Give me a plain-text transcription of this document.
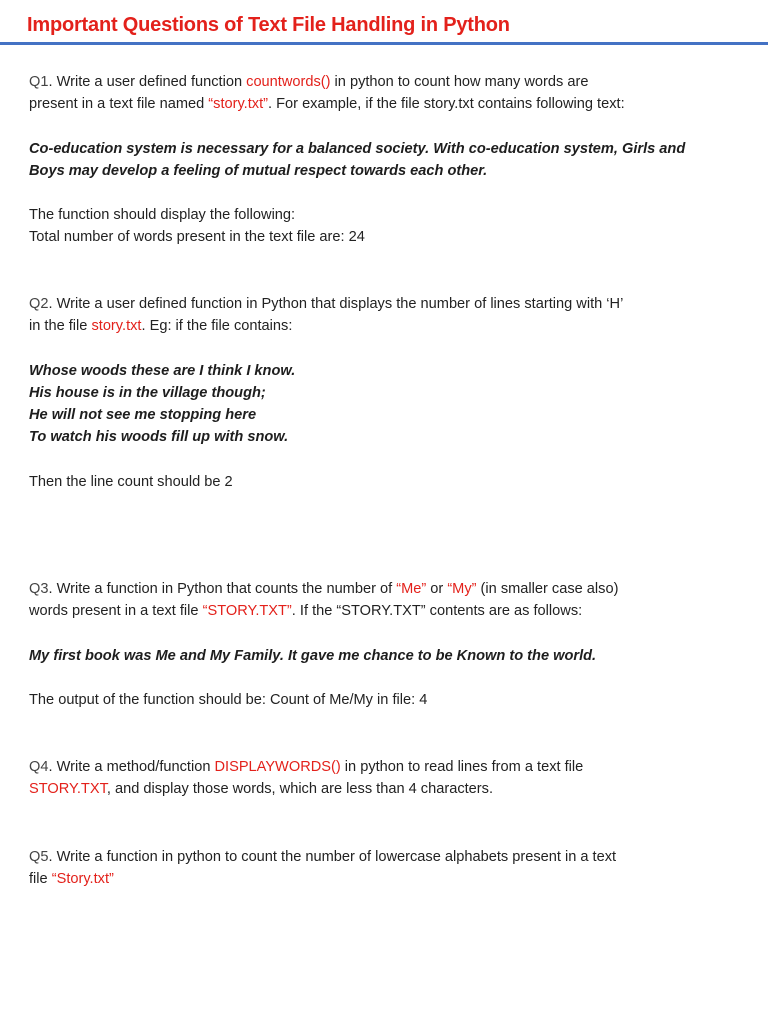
Important Questions of Text File Handling in Python

Q1. Write a user defined function countwords() in python to count how many words are
present in a text file named “story.txt”. For example, if the file story.txt contains following text:

Co-education system is necessary for a balanced society. With co-education system, Girls and
Boys may develop a feeling of mutual respect towards each other.

The function should display the following:
Total number of words present in the text file are: 24

Q2. Write a user defined function in Python that displays the number of lines starting with ‘H’
in the file story.txt. Eg: if the file contains:

Whose woods these are I think I know.
His house is in the village though;
He will not see me stopping here
To watch his woods fill up with snow.

Then the line count should be 2

Q3. Write a function in Python that counts the number of “Me” or “My” (in smaller case also)
words present in a text file “STORY.TXT”. If the “STORY.TXT” contents are as follows:

My first book was Me and My Family. It gave me chance to be Known to the world.

The output of the function should be: Count of Me/My in file: 4

Q4. Write a method/function DISPLAYWORDS() in python to read lines from a text file
STORY.TXT, and display those words, which are less than 4 characters.

Q5. Write a function in python to count the number of lowercase alphabets present in a text
file “Story.txt”
